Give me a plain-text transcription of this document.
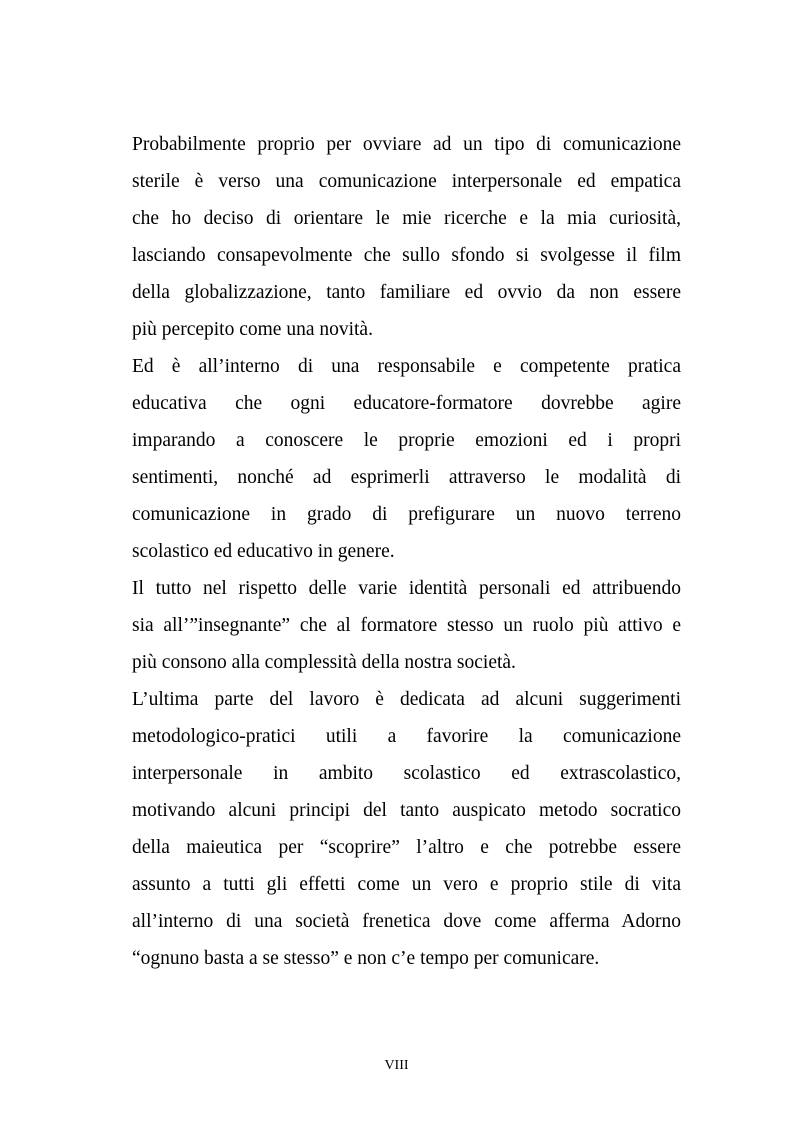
Probabilmente proprio per ovviare ad un tipo di comunicazione
sterile è verso una comunicazione interpersonale ed empatica
che ho deciso di orientare le mie ricerche e la mia curiosità,
lasciando consapevolmente che sullo sfondo si svolgesse il film
della globalizzazione, tanto familiare ed ovvio da non essere
più percepito come una novità.
Ed è all’interno di una responsabile e competente pratica
educativa che ogni educatore-formatore dovrebbe agire
imparando a conoscere le proprie emozioni ed i propri
sentimenti, nonché ad esprimerli attraverso le modalità di
comunicazione in grado di prefigurare un nuovo terreno
scolastico ed educativo in genere.
Il tutto nel rispetto delle varie identità personali ed attribuendo
sia all’”insegnante” che al formatore stesso un ruolo più attivo e
più consono alla complessità della nostra società.
L’ultima parte del lavoro è dedicata ad alcuni suggerimenti
metodologico-pratici utili a favorire la comunicazione
interpersonale in ambito scolastico ed extrascolastico,
motivando alcuni principi del tanto auspicato metodo socratico
della maieutica per “scoprire” l’altro e che potrebbe essere
assunto a tutti gli effetti come un vero e proprio stile di vita
all’interno di una società frenetica dove come afferma Adorno
“ognuno basta a se stesso” e non c’e tempo per comunicare.
VIII
